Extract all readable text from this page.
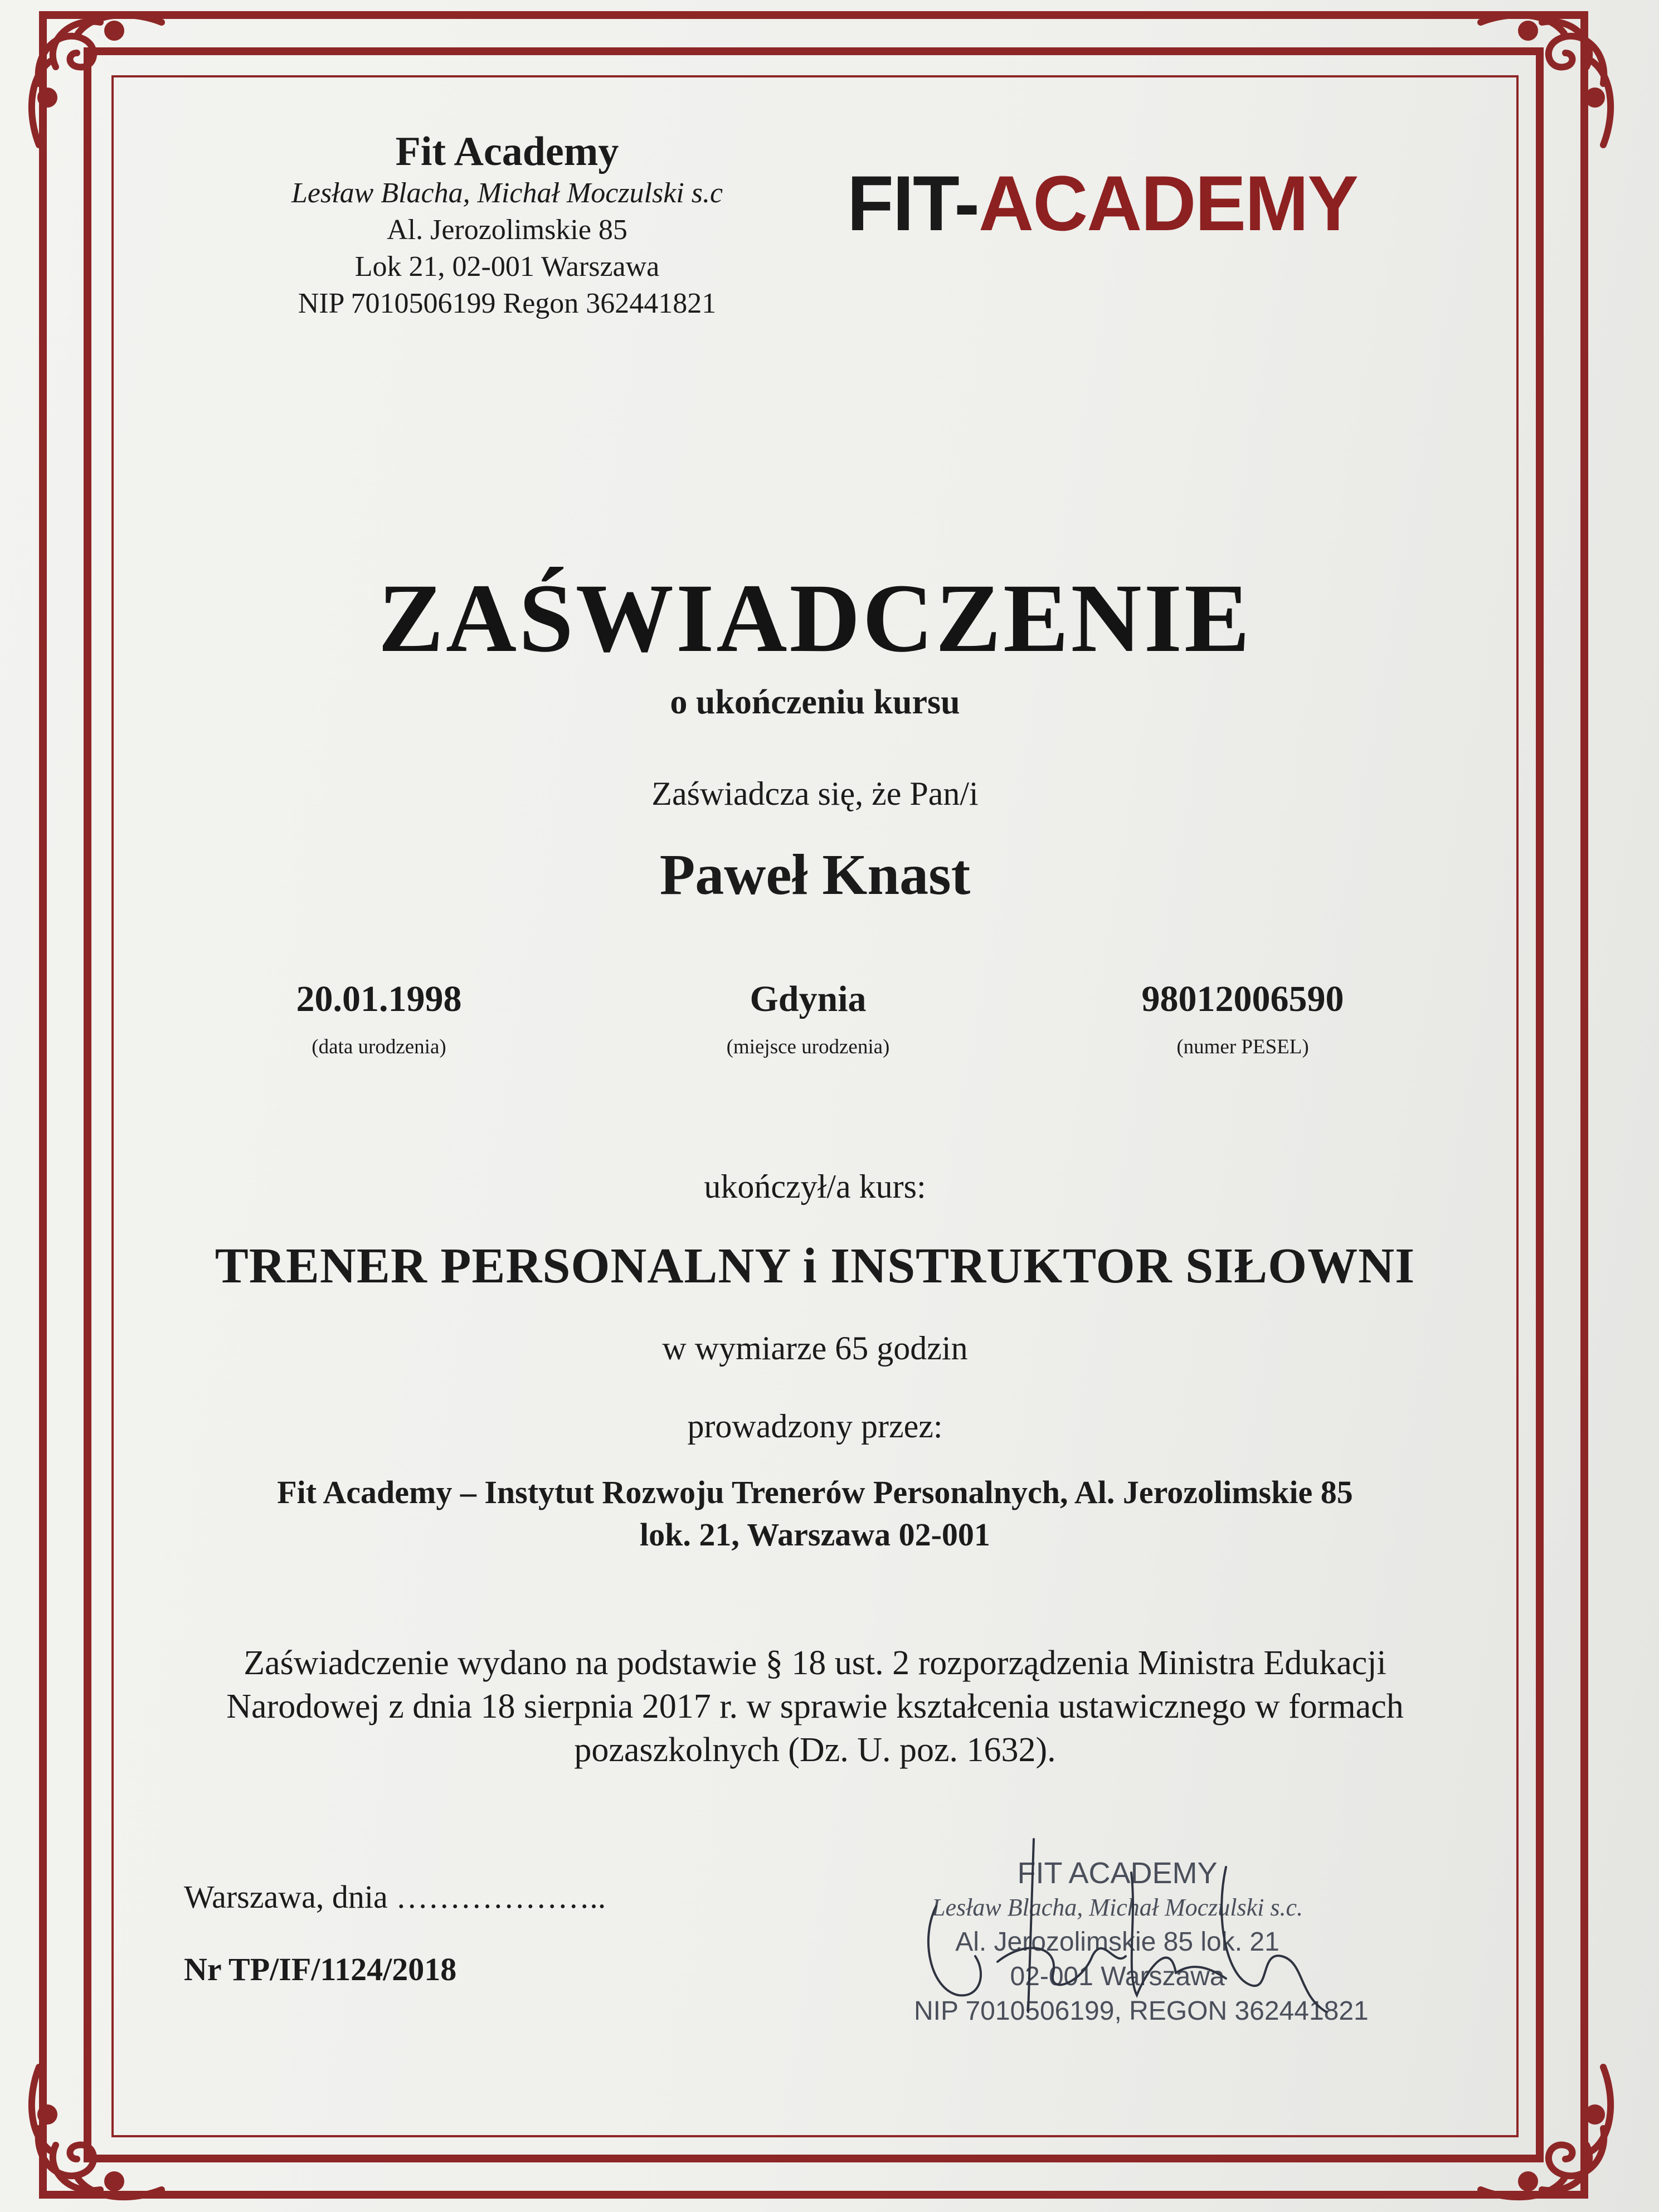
Fit Academy
Lesław Blacha, Michał Moczulski s.c
Al. Jerozolimskie 85
Lok 21, 02-001 Warszawa
NIP 7010506199 Regon 362441821
FIT-ACADEMY
ZAŚWIADCZENIE
o ukończeniu kursu
Zaświadcza się, że Pan/i
Paweł Knast
20.01.1998
(data urodzenia)
Gdynia
(miejsce urodzenia)
98012006590
(numer PESEL)
ukończył/a kurs:
TRENER PERSONALNY i INSTRUKTOR SIŁOWNI
w wymiarze 65 godzin
prowadzony przez:
Fit Academy – Instytut Rozwoju Trenerów Personalnych, Al. Jerozolimskie 85
lok. 21, Warszawa 02-001
Zaświadczenie wydano na podstawie § 18 ust. 2 rozporządzenia Ministra Edukacji Narodowej z dnia 18 sierpnia 2017 r. w sprawie kształcenia ustawicznego w formach pozaszkolnych (Dz. U. poz. 1632).
Warszawa, dnia ………………..
Nr TP/IF/1124/2018
FIT ACADEMY
Lesław Blacha, Michał Moczulski s.c.
Al. Jerozolimskie 85 lok. 21
02-001 Warszawa
NIP 7010506199, REGON 362441821
